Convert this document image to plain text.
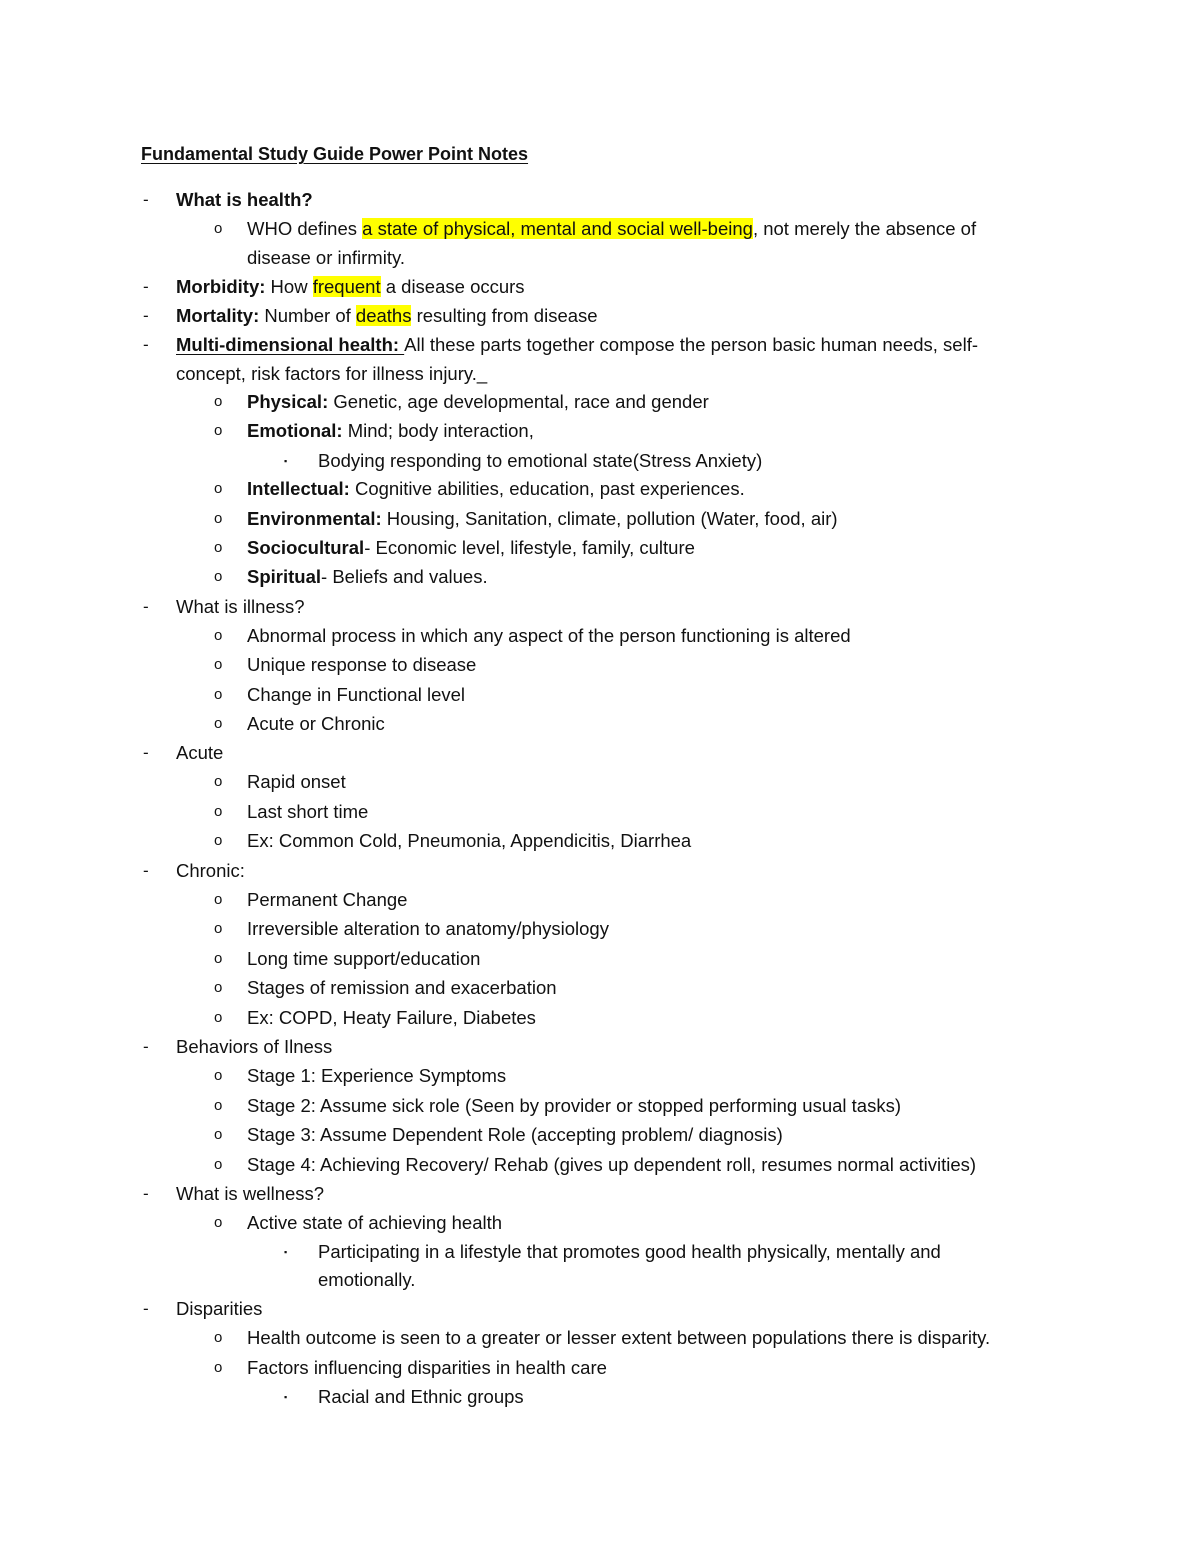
Fundamental Study Guide Power Point Notes
- What is health?
o WHO defines a state of physical, mental and social well-being, not merely the absence of
disease or infirmity.
- Morbidity: How frequent a disease occurs
- Mortality: Number of deaths resulting from disease
- Multi-dimensional health: All these parts together compose the person basic human needs, self-
concept, risk factors for illness injury._
o Physical: Genetic, age developmental, race and gender
o Emotional: Mind; body interaction,
▪ Bodying responding to emotional state(Stress Anxiety)
o Intellectual: Cognitive abilities, education, past experiences.
o Environmental: Housing, Sanitation, climate, pollution (Water, food, air)
o Sociocultural- Economic level, lifestyle, family, culture
o Spiritual- Beliefs and values.
- What is illness?
o Abnormal process in which any aspect of the person functioning is altered
o Unique response to disease
o Change in Functional level
o Acute or Chronic
- Acute
o Rapid onset
o Last short time
o Ex: Common Cold, Pneumonia, Appendicitis, Diarrhea
- Chronic:
o Permanent Change
o Irreversible alteration to anatomy/physiology
o Long time support/education
o Stages of remission and exacerbation
o Ex: COPD, Heaty Failure, Diabetes
- Behaviors of Ilness
o Stage 1: Experience Symptoms
o Stage 2: Assume sick role (Seen by provider or stopped performing usual tasks)
o Stage 3: Assume Dependent Role (accepting problem/ diagnosis)
o Stage 4: Achieving Recovery/ Rehab (gives up dependent roll, resumes normal activities)
- What is wellness?
o Active state of achieving health
▪ Participating in a lifestyle that promotes good health physically, mentally and
emotionally.
- Disparities
o Health outcome is seen to a greater or lesser extent between populations there is disparity.
o Factors influencing disparities in health care
▪ Racial and Ethnic groups
